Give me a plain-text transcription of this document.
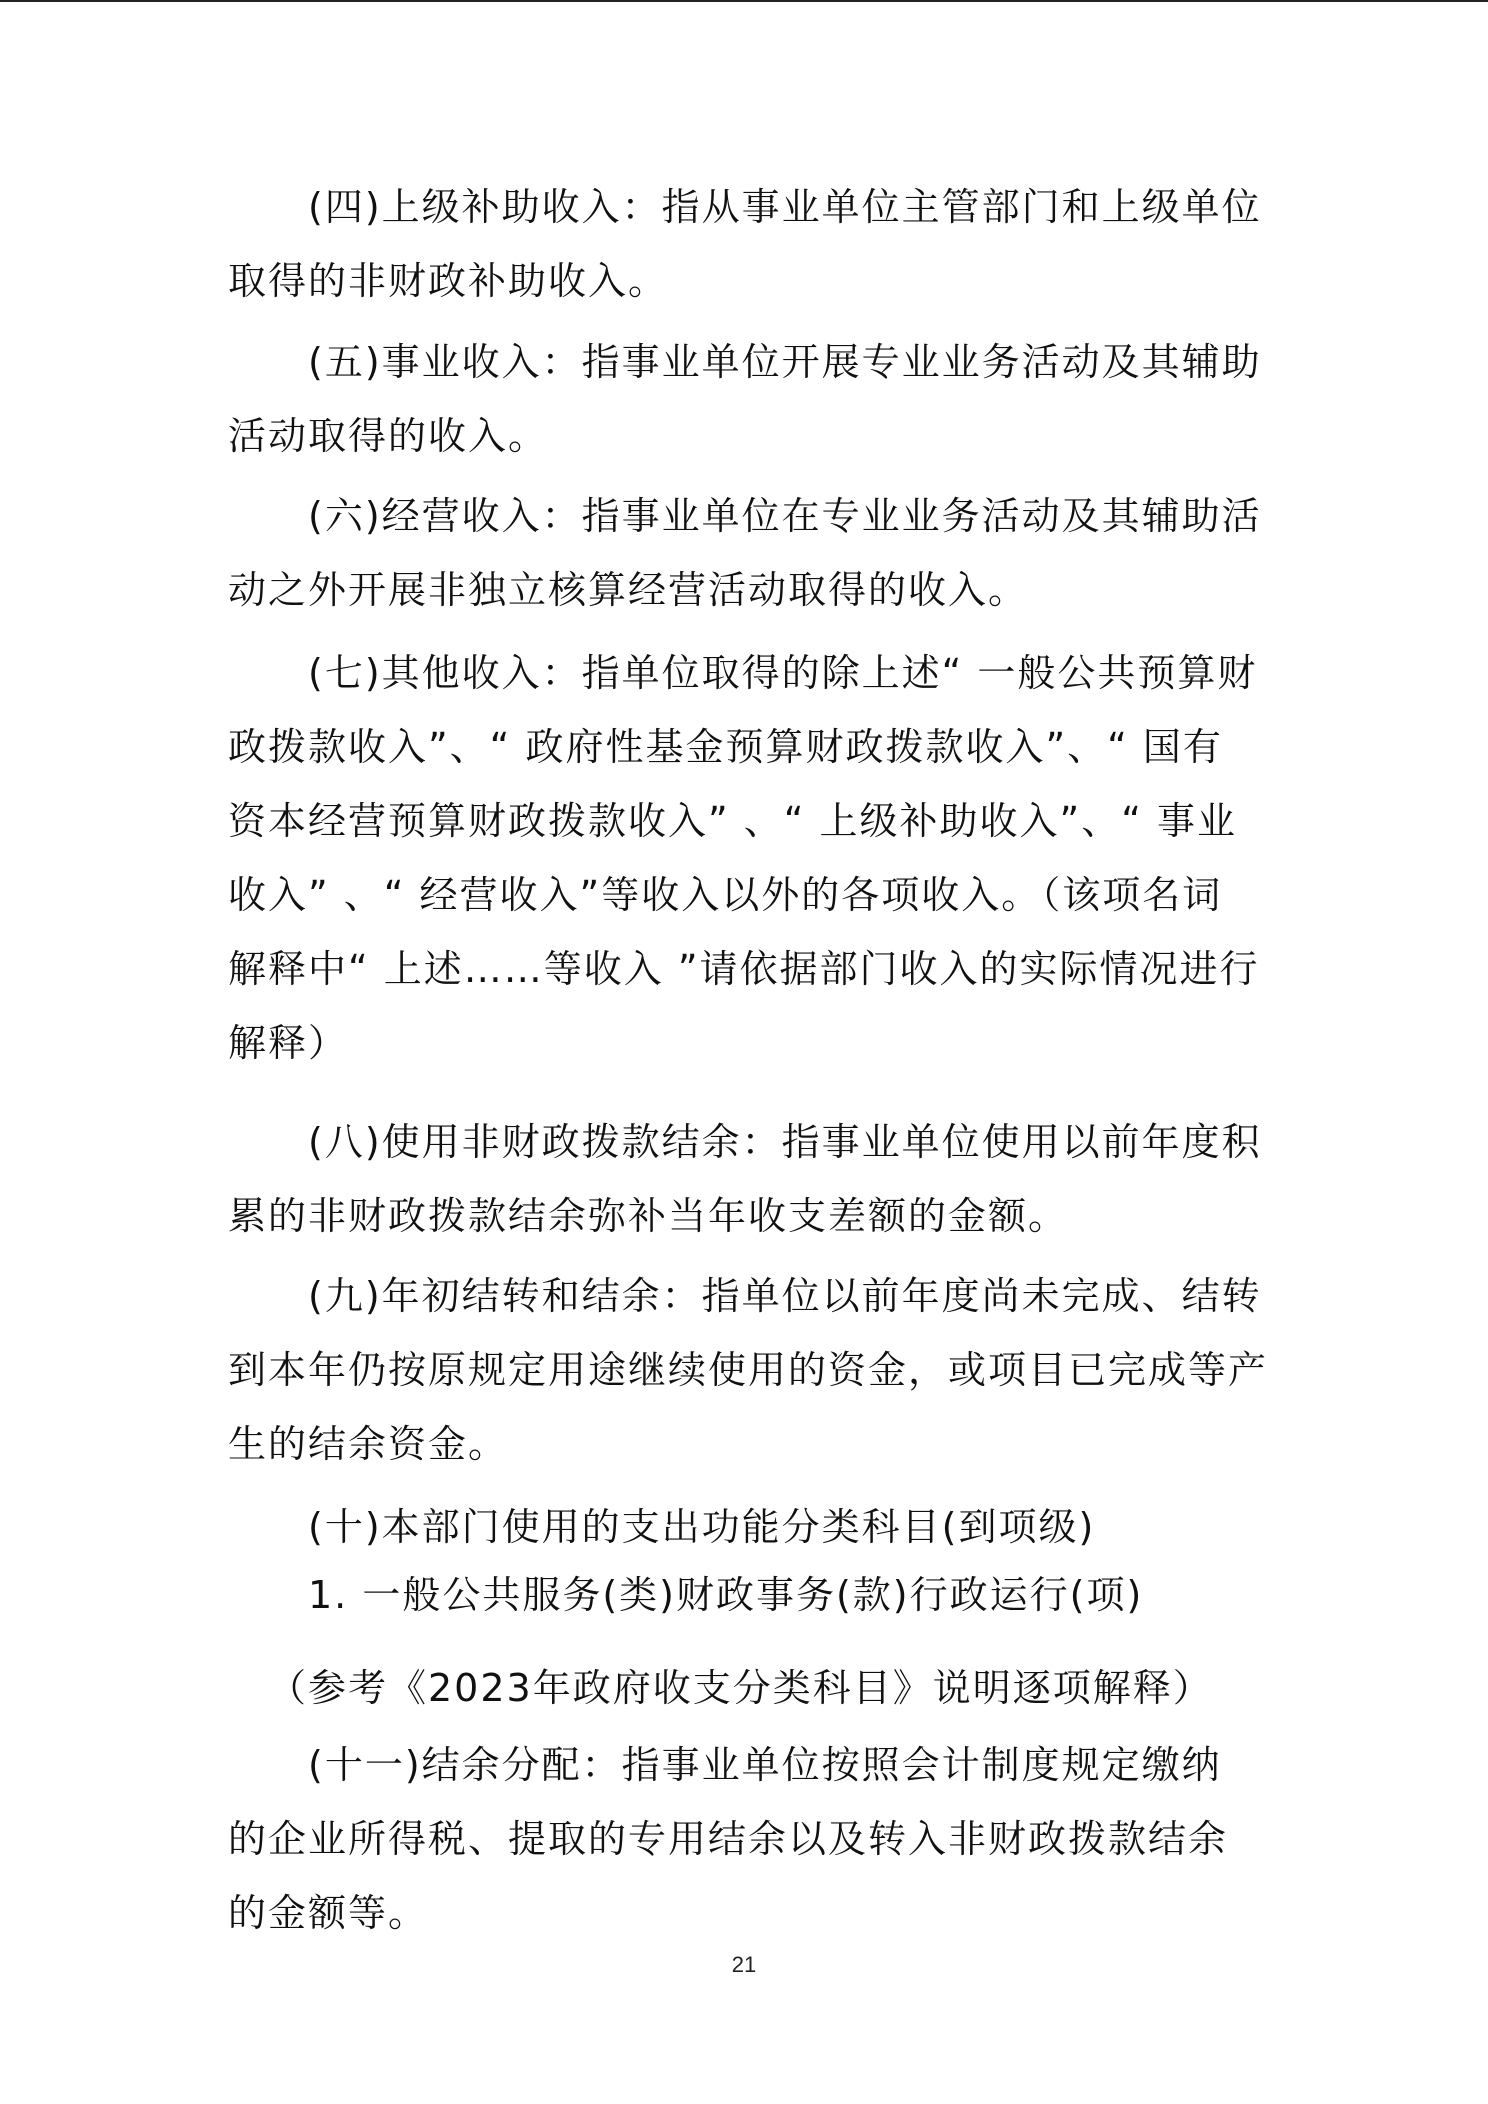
(四)上级补助收入：指从事业单位主管部门和上级单位
取得的非财政补助收入。
(五)事业收入：指事业单位开展专业业务活动及其辅助
活动取得的收入。
(六)经营收入：指事业单位在专业业务活动及其辅助活
动之外开展非独立核算经营活动取得的收入。
(七)其他收入：指单位取得的除上述“ 一般公共预算财
政拨款收入”、“ 政府性基金预算财政拨款收入”、“ 国有
资本经营预算财政拨款收入” 、“ 上级补助收入”、“ 事业
收入” 、“ 经营收入”等收入以外的各项收入。（该项名词
解释中“ 上述……等收入 ”请依据部门收入的实际情况进行
解释）
(八)使用非财政拨款结余：指事业单位使用以前年度积
累的非财政拨款结余弥补当年收支差额的金额。
(九)年初结转和结余：指单位以前年度尚未完成、结转
到本年仍按原规定用途继续使用的资金，或项目已完成等产
生的结余资金。
(十)本部门使用的支出功能分类科目(到项级)
1. 一般公共服务(类)财政事务(款)行政运行(项)
（参考《2023年政府收支分类科目》说明逐项解释）
(十一)结余分配：指事业单位按照会计制度规定缴纳
的企业所得税、提取的专用结余以及转入非财政拨款结余
的金额等。
21
